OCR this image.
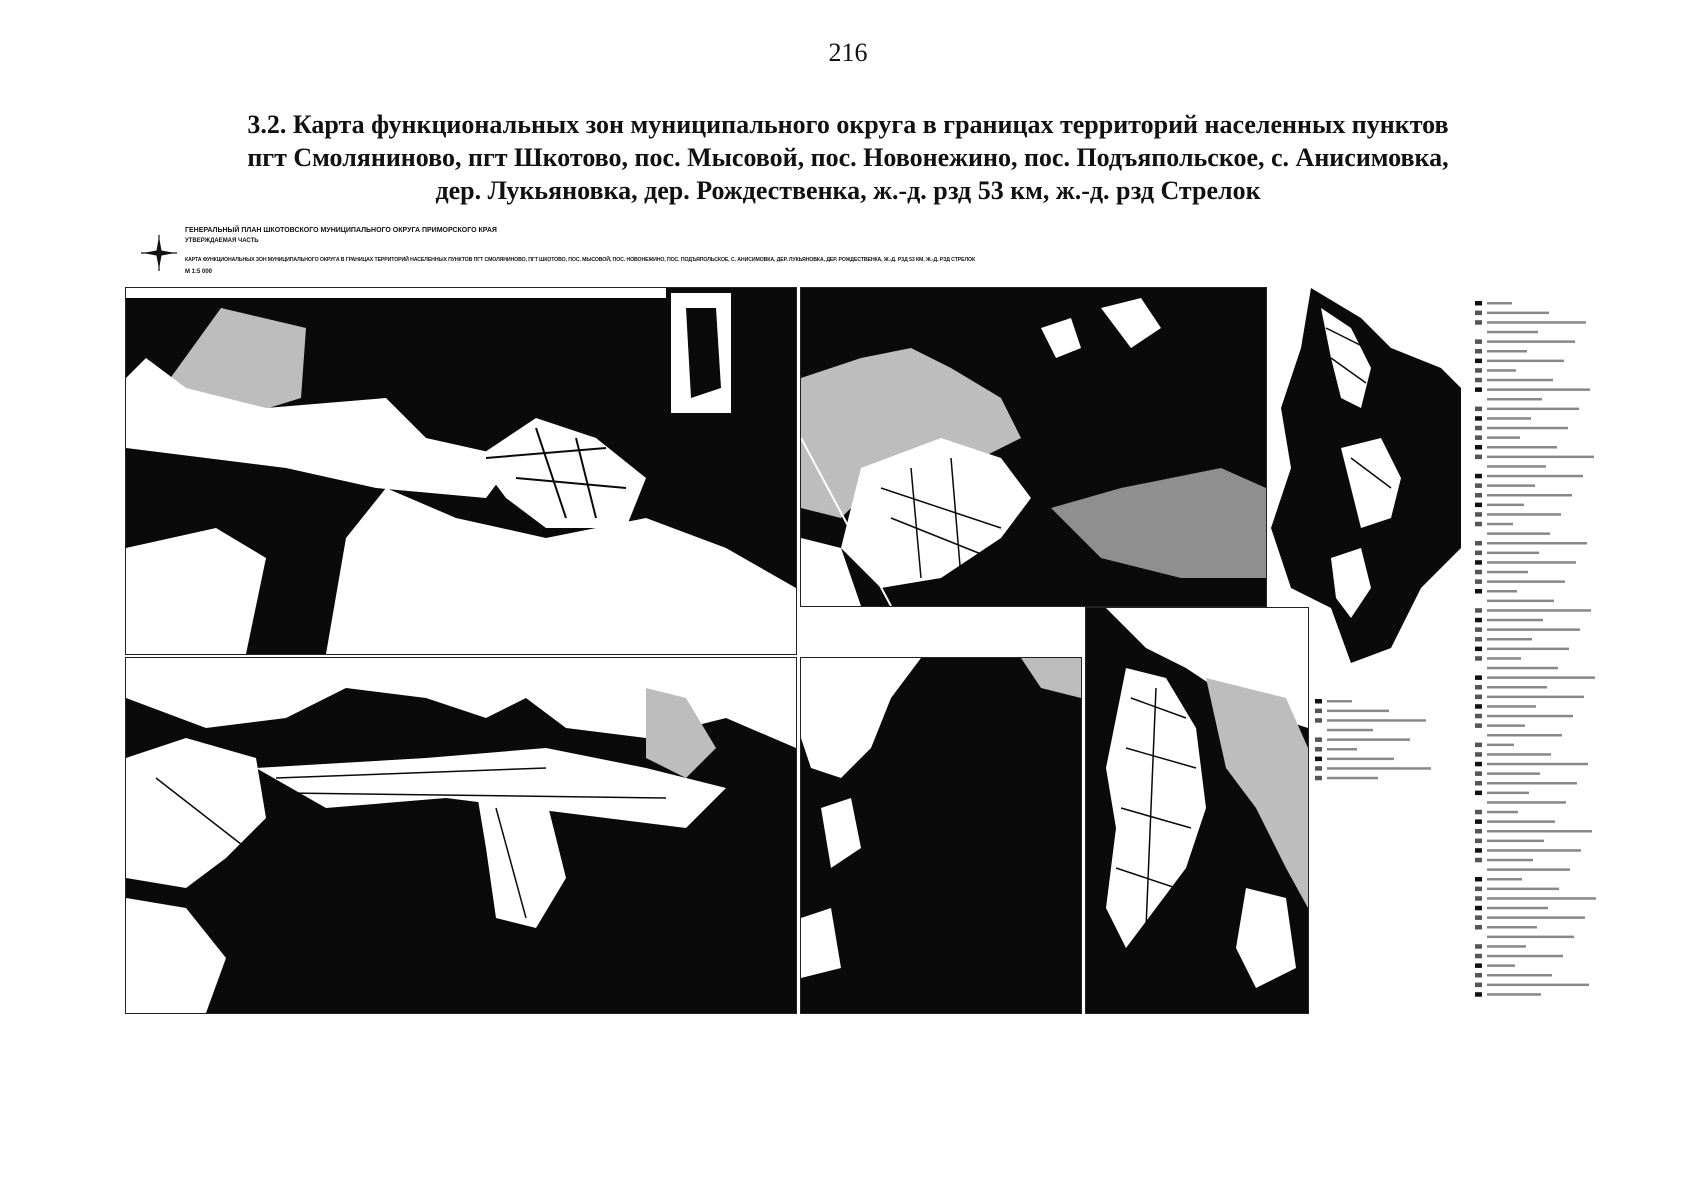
216
3.2. Карта функциональных зон муниципального округа в границах территорий населенных пунктов
пгт Смоляниново, пгт Шкотово, пос. Мысовой, пос. Новонежино, пос. Подъяпольское, с. Анисимовка,
дер. Лукьяновка, дер. Рождественка, ж.-д. рзд 53 км, ж.-д. рзд Стрелок
ГЕНЕРАЛЬНЫЙ ПЛАН ШКОТОВСКОГО МУНИЦИПАЛЬНОГО ОКРУГА ПРИМОРСКОГО КРАЯ
УТВЕРЖДАЕМАЯ ЧАСТЬ
КАРТА ФУНКЦИОНАЛЬНЫХ ЗОН МУНИЦИПАЛЬНОГО ОКРУГА В ГРАНИЦАХ ТЕРРИТОРИЙ НАСЕЛЕННЫХ ПУНКТОВ ПГТ СМОЛЯНИНОВО, ПГТ ШКОТОВО, ПОС. МЫСОВОЙ, ПОС. НОВОНЕЖИНО, ПОС. ПОДЪЯПОЛЬСКОЕ, С. АНИСИМОВКА, ДЕР. ЛУКЬЯНОВКА, ДЕР. РОЖДЕСТВЕНКА, Ж.-Д. РЗД 53 КМ, Ж.-Д. РЗД СТРЕЛОК
М 1:5 000
